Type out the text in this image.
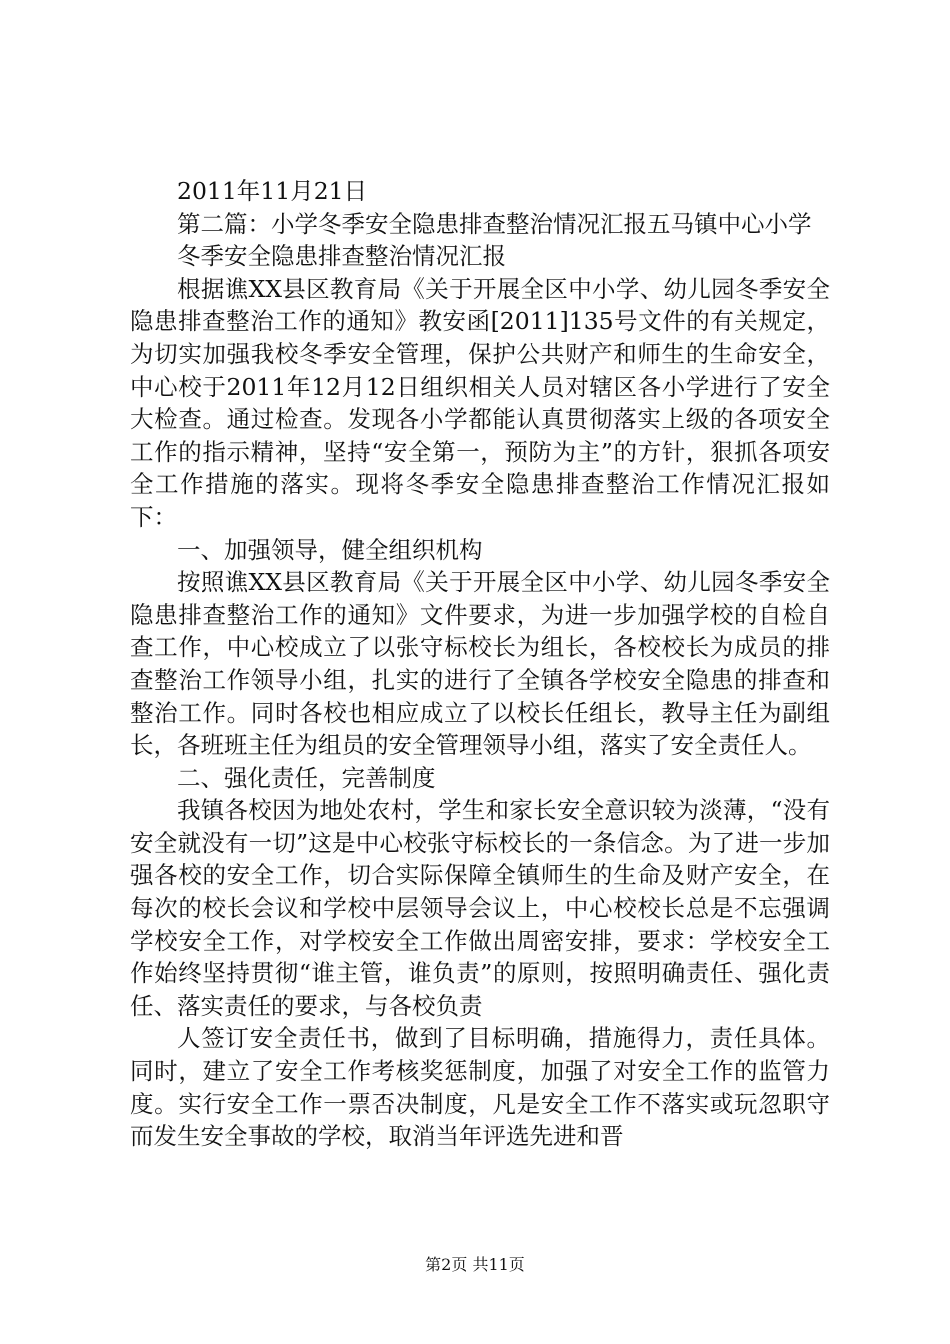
2011年11月21日

第二篇：小学冬季安全隐患排查整治情况汇报五马镇中心小学

冬季安全隐患排查整治情况汇报

根据谯XX县区教育局《关于开展全区中小学、幼儿园冬季安全隐患排查整治工作的通知》教安函[2011]135号文件的有关规定，为切实加强我校冬季安全管理，保护公共财产和师生的生命安全，中心校于2011年12月12日组织相关人员对辖区各小学进行了安全大检查。通过检查。发现各小学都能认真贯彻落实上级的各项安全工作的指示精神，坚持“安全第一，预防为主”的方针，狠抓各项安全工作措施的落实。现将冬季安全隐患排查整治工作情况汇报如下：

一、加强领导，健全组织机构

按照谯XX县区教育局《关于开展全区中小学、幼儿园冬季安全隐患排查整治工作的通知》文件要求，为进一步加强学校的自检自查工作，中心校成立了以张守标校长为组长，各校校长为成员的排查整治工作领导小组，扎实的进行了全镇各学校安全隐患的排查和整治工作。同时各校也相应成立了以校长任组长，教导主任为副组长，各班班主任为组员的安全管理领导小组，落实了安全责任人。

二、强化责任，完善制度

我镇各校因为地处农村，学生和家长安全意识较为淡薄，“没有安全就没有一切”这是中心校张守标校长的一条信念。为了进一步加强各校的安全工作，切合实际保障全镇师生的生命及财产安全，在每次的校长会议和学校中层领导会议上，中心校校长总是不忘强调学校安全工作，对学校安全工作做出周密安排，要求：学校安全工作始终坚持贯彻“谁主管，谁负责”的原则，按照明确责任、强化责任、落实责任的要求，与各校负责

人签订安全责任书，做到了目标明确，措施得力，责任具体。同时，建立了安全工作考核奖惩制度，加强了对安全工作的监管力度。实行安全工作一票否决制度，凡是安全工作不落实或玩忽职守而发生安全事故的学校，取消当年评选先进和晋

第2页 共11页
